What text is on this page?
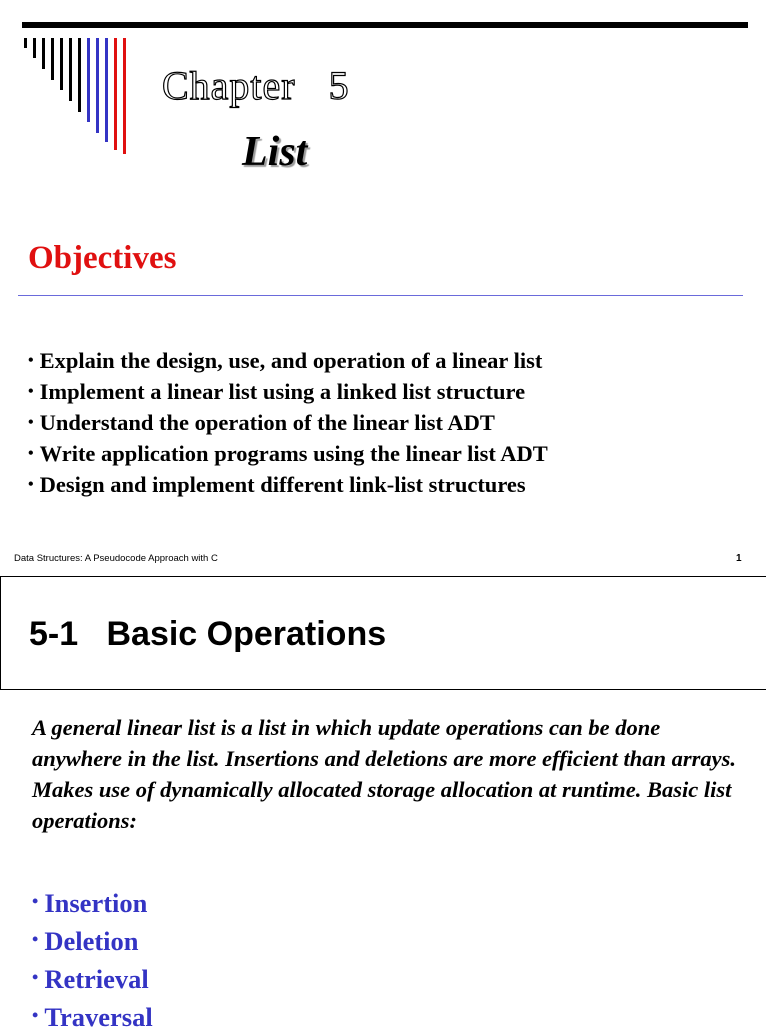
Chapter   5
List
Objectives
• Explain the design, use, and operation of a linear list
• Implement a linear list using a linked list structure
• Understand the operation of the linear list ADT
• Write application programs using the linear list ADT
• Design and implement different link-list structures
Data Structures: A Pseudocode Approach with C	1
5-1   Basic Operations
A general linear list is a list in which update operations can be done anywhere in the list. Insertions and deletions are more efficient than arrays. Makes use of dynamically allocated storage allocation at runtime. Basic list operations:
• Insertion
• Deletion
• Retrieval
• Traversal
